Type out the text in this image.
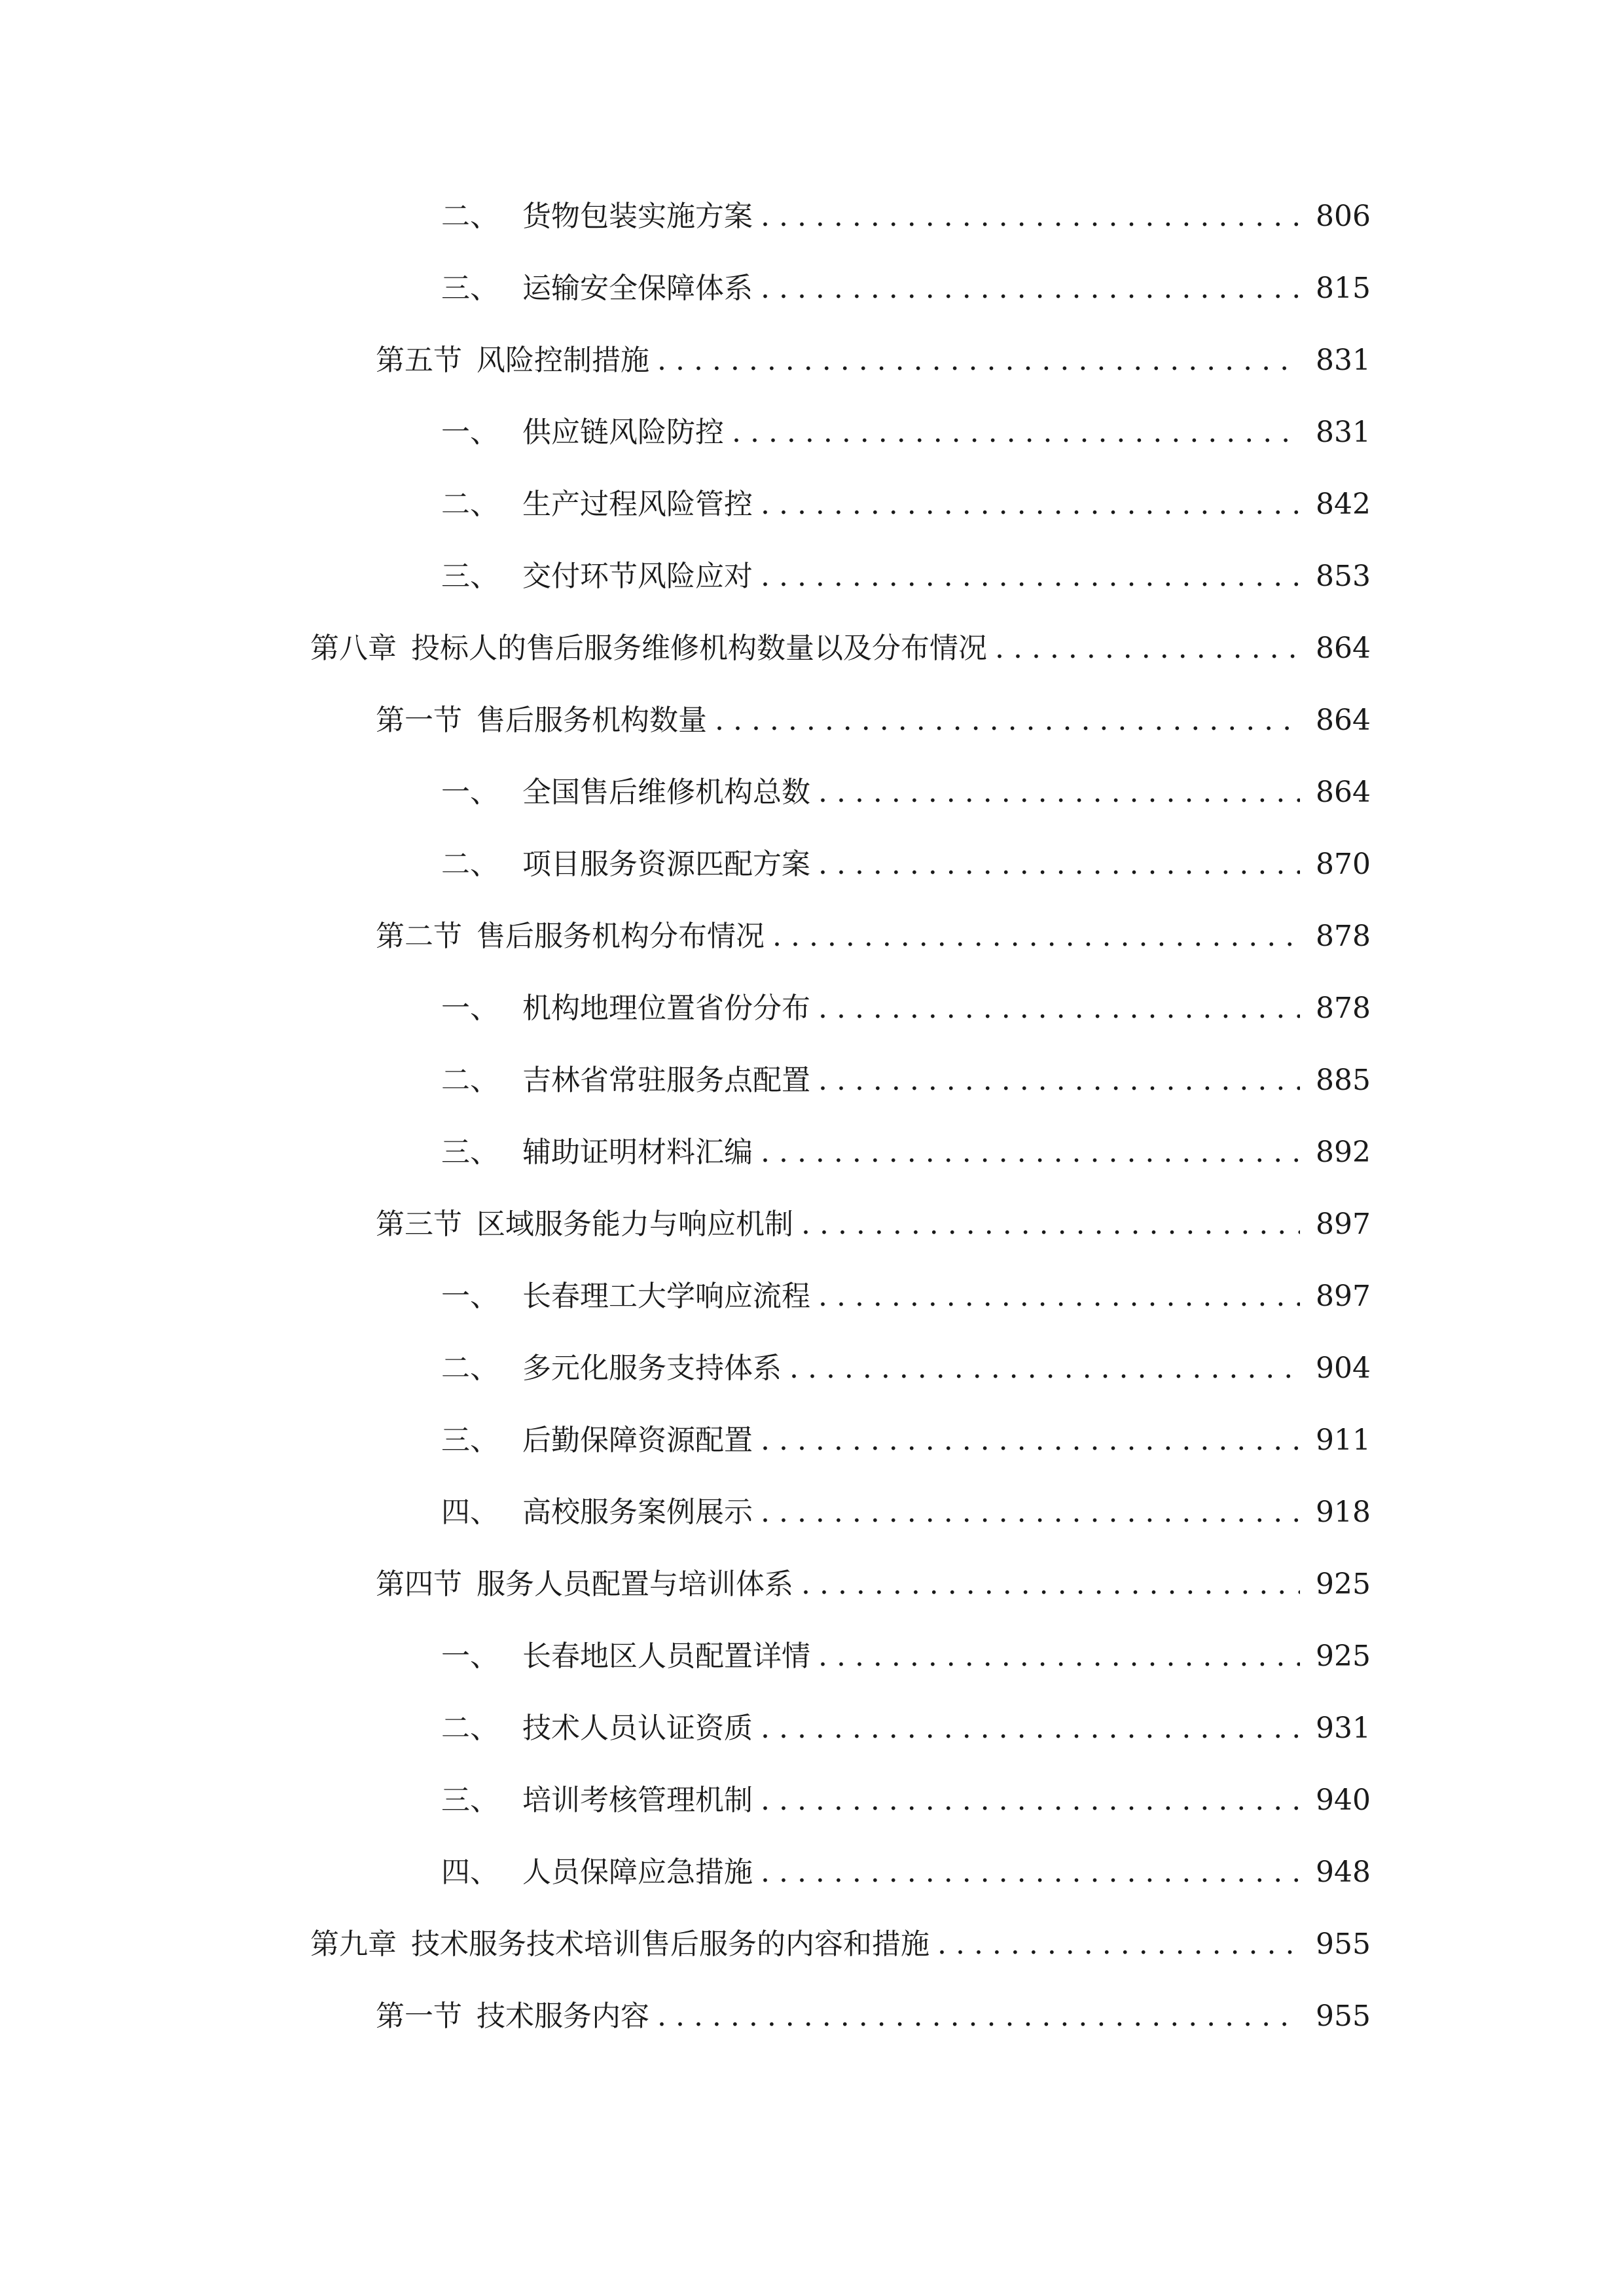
二、 货物包装实施方案 . . .	806
三、 运输安全保障体系 . . .	815
第五节 风险控制措施 . . .	831
一、 供应链风险防控 . . .	831
二、 生产过程风险管控 . . .	842
三、 交付环节风险应对 . . .	853
第八章 投标人的售后服务维修机构数量以及分布情况 . . .	864
第一节 售后服务机构数量 . . .	864
一、 全国售后维修机构总数 . . .	864
二、 项目服务资源匹配方案 . . .	870
第二节 售后服务机构分布情况 . . .	878
一、 机构地理位置省份分布 . . .	878
二、 吉林省常驻服务点配置 . . .	885
三、 辅助证明材料汇编 . . .	892
第三节 区域服务能力与响应机制 . . .	897
一、 长春理工大学响应流程 . . .	897
二、 多元化服务支持体系 . . .	904
三、 后勤保障资源配置 . . .	911
四、 高校服务案例展示 . . .	918
第四节 服务人员配置与培训体系 . . .	925
一、 长春地区人员配置详情 . . .	925
二、 技术人员认证资质 . . .	931
三、 培训考核管理机制 . . .	940
四、 人员保障应急措施 . . .	948
第九章 技术服务技术培训售后服务的内容和措施 . . .	955
第一节 技术服务内容 . . .	955
